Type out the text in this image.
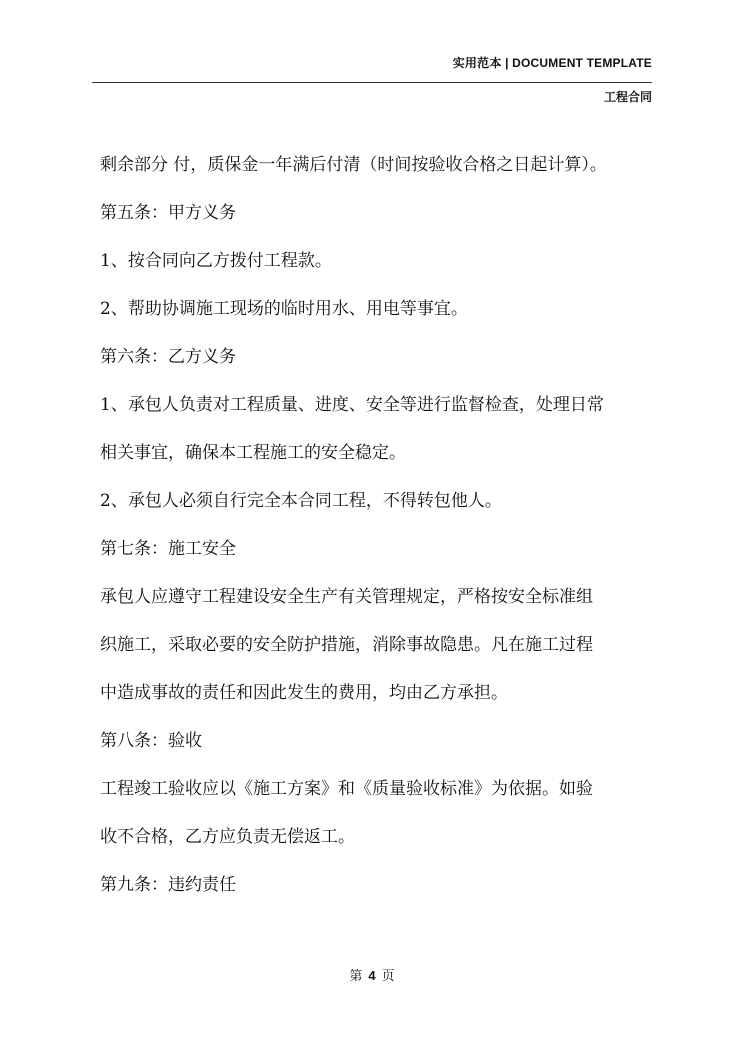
实用范本 | DOCUMENT TEMPLATE
工程合同

剩余部分 付，质保金一年满后付清（时间按验收合格之日起计算）。

第五条：甲方义务

1、按合同向乙方拨付工程款。

2、帮助协调施工现场的临时用水、用电等事宜。

第六条：乙方义务

1、承包人负责对工程质量、进度、安全等进行监督检查，处理日常

相关事宜，确保本工程施工的安全稳定。

2、承包人必须自行完全本合同工程，不得转包他人。

第七条：施工安全

承包人应遵守工程建设安全生产有关管理规定，严格按安全标准组

织施工，采取必要的安全防护措施，消除事故隐患。凡在施工过程

中造成事故的责任和因此发生的费用，均由乙方承担。

第八条：验收

工程竣工验收应以《施工方案》和《质量验收标准》为依据。如验

收不合格，乙方应负责无偿返工。

第九条：违约责任

第 4 页
